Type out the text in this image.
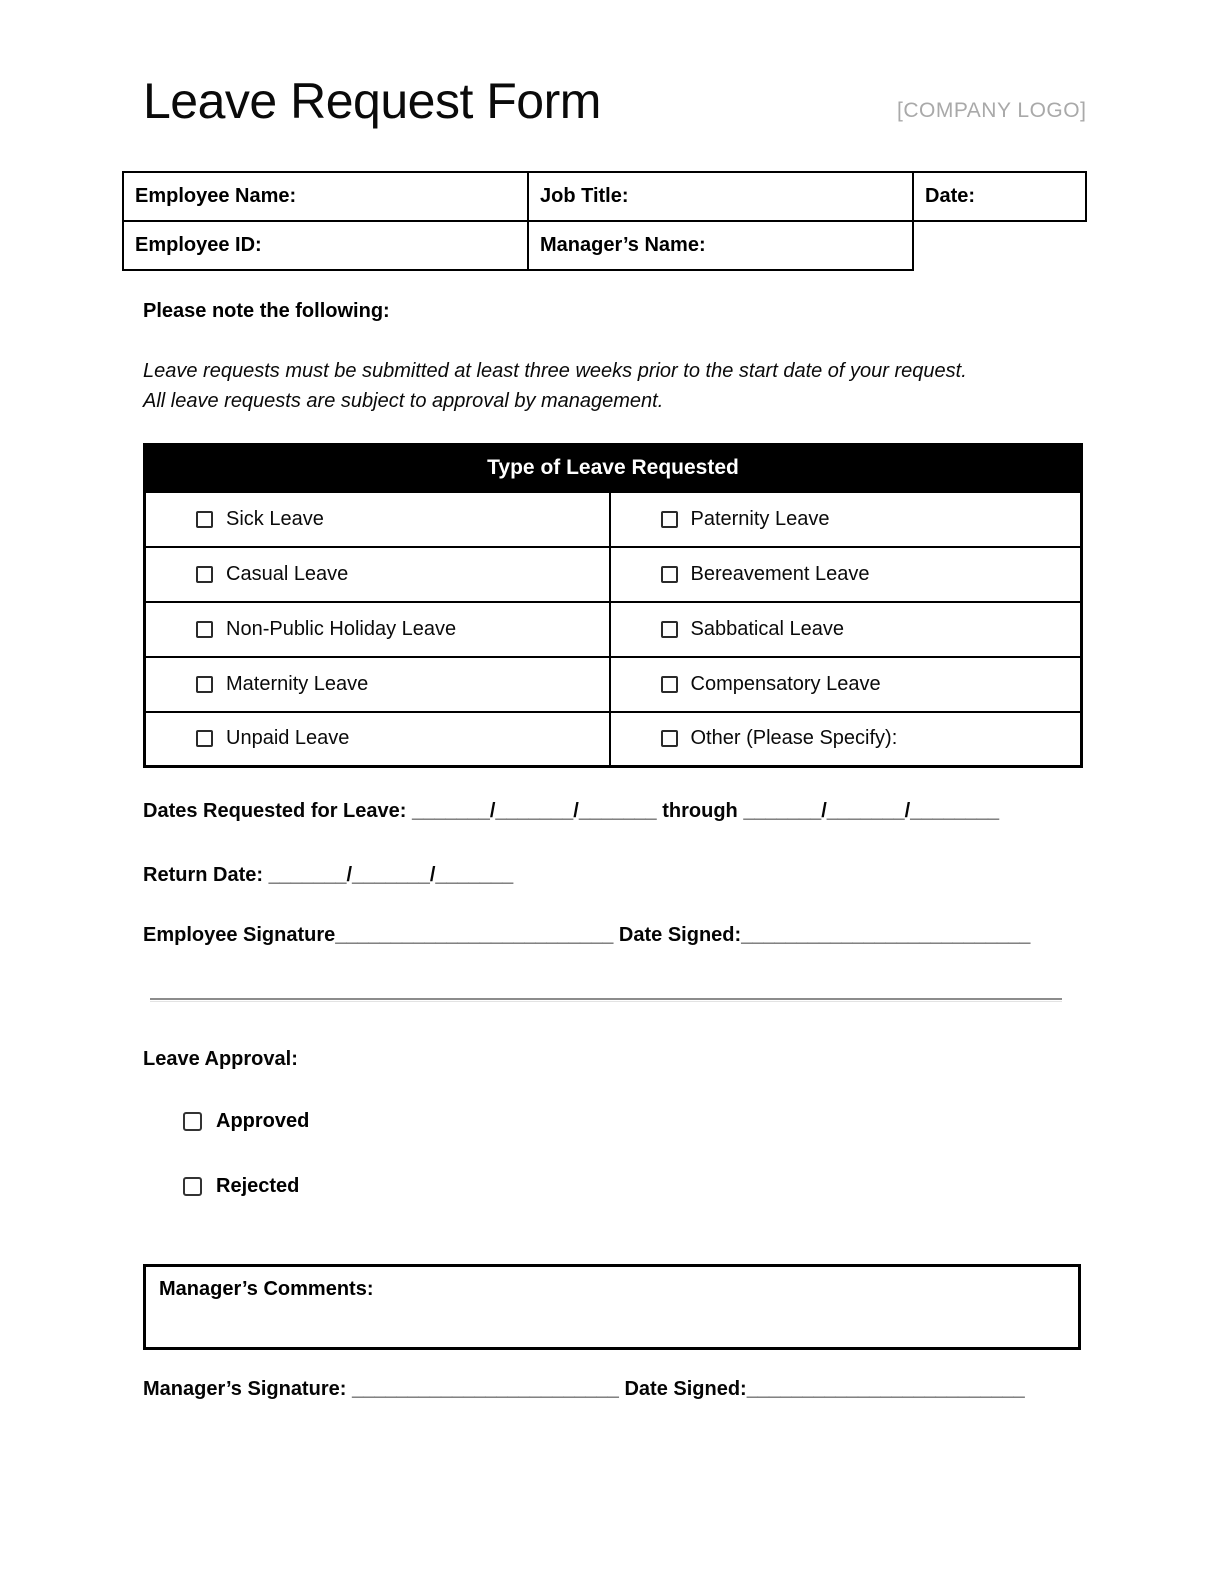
Leave Request Form	[COMPANY LOGO]
Employee Name:	Job Title:	Date:
Employee ID:	Manager’s Name:	
Please note the following:
Leave requests must be submitted at least three weeks prior to the start date of your request.
All leave requests are subject to approval by management.
Type of Leave Requested	

Sick Leave	Paternity Leave

Casual Leave	Bereavement Leave

Non-Public Holiday Leave	Sabbatical Leave

Maternity Leave	Compensatory Leave

Unpaid Leave	Other (Please Specify):
Dates Requested for Leave: _______/_______/_______ through _______/_______/________
Return Date: _______/_______/_______
Employee Signature_________________________ Date Signed:__________________________
Leave Approval:
Approved
Rejected
Manager’s Comments:
Manager’s Signature: ________________________ Date Signed:_________________________
